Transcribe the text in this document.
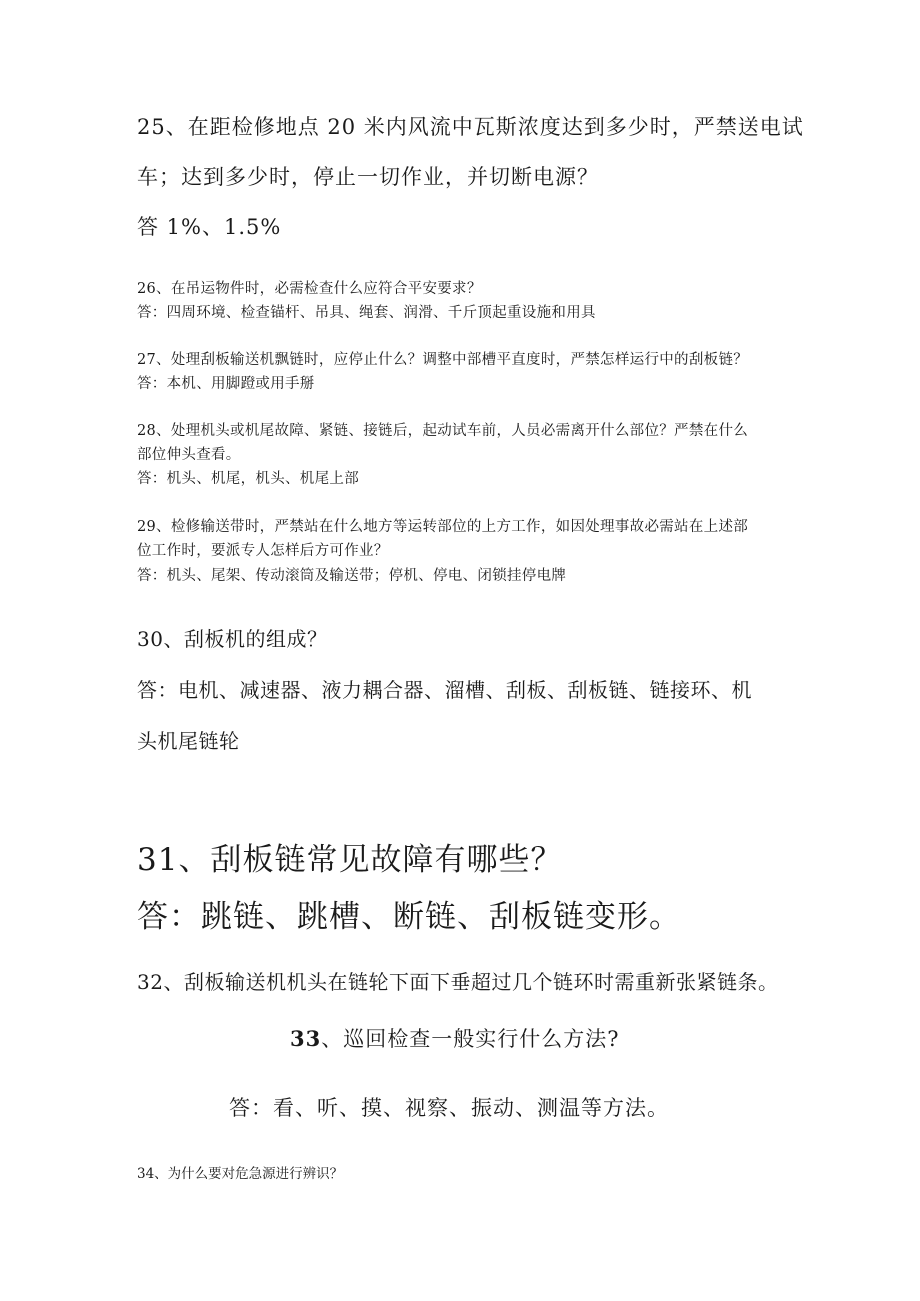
25、在距检修地点 20 米内风流中瓦斯浓度达到多少时，严禁送电试

车；达到多少时，停止一切作业，并切断电源？

答 1%、1.5%

26、在吊运物件时，必需检查什么应符合平安要求？

答：四周环境、检查锚杆、吊具、绳套、润滑、千斤顶起重设施和用具

27、处理刮板输送机飘链时，应停止什么？调整中部槽平直度时，严禁怎样运行中的刮板链？

答：本机、用脚蹬或用手掰

28、处理机头或机尾故障、紧链、接链后，起动试车前，人员必需离开什么部位？严禁在什么

部位伸头查看。

答：机头、机尾，机头、机尾上部

29、检修输送带时，严禁站在什么地方等运转部位的上方工作，如因处理事故必需站在上述部

位工作时，要派专人怎样后方可作业？

答：机头、尾架、传动滚筒及输送带；停机、停电、闭锁挂停电牌

30、刮板机的组成？

答：电机、减速器、液力耦合器、溜槽、刮板、刮板链、链接环、机

头机尾链轮

31、刮板链常见故障有哪些？

答：跳链、跳槽、断链、刮板链变形。

32、刮板输送机机头在链轮下面下垂超过几个链环时需重新张紧链条。

33、巡回检查一般实行什么方法?

答：看、听、摸、视察、振动、测温等方法。

34、为什么要对危急源进行辨识？
